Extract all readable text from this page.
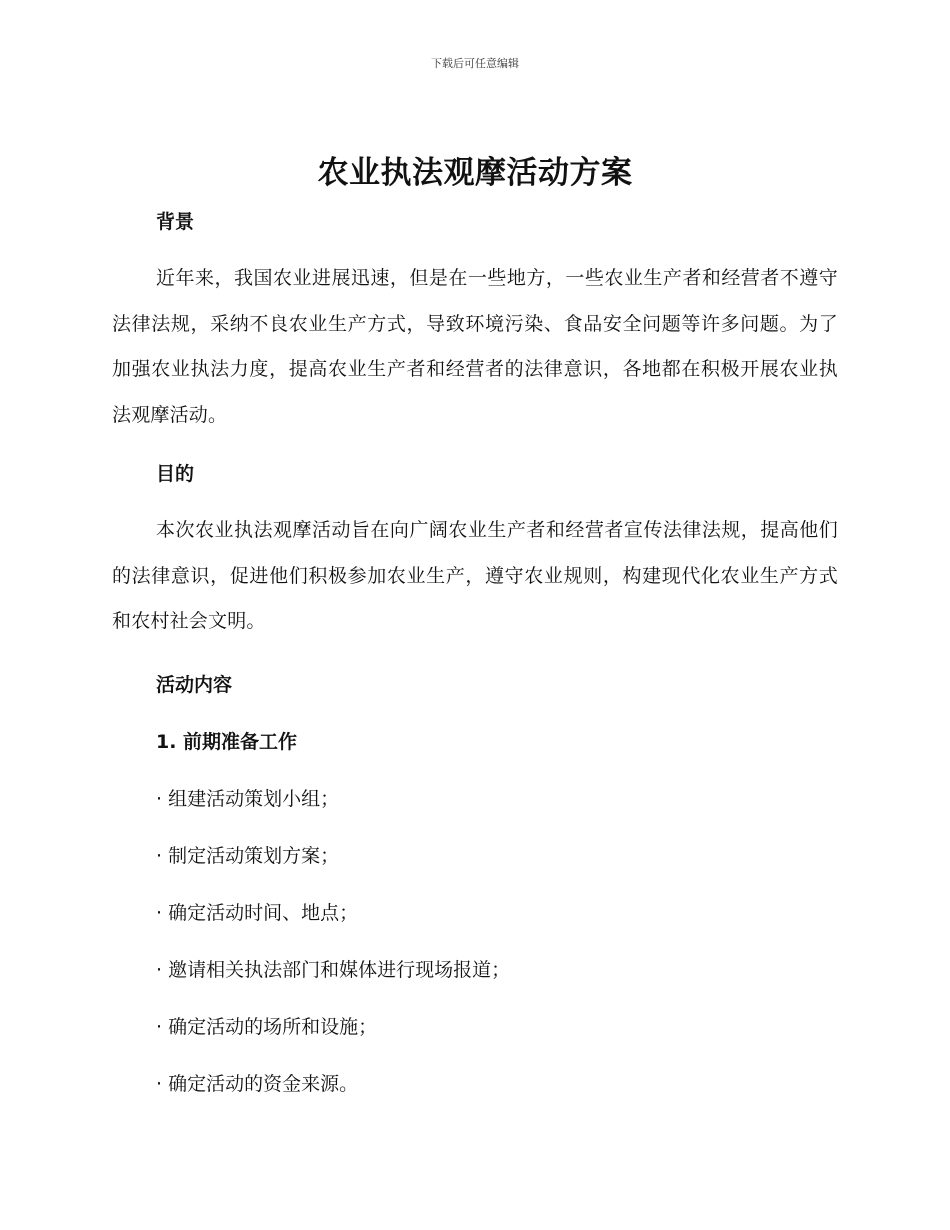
下载后可任意编辑
农业执法观摩活动方案

背景

近年来，我国农业进展迅速，但是在一些地方，一些农业生产者和经营者不遵守法律法规，采纳不良农业生产方式，导致环境污染、食品安全问题等许多问题。为了加强农业执法力度，提高农业生产者和经营者的法律意识，各地都在积极开展农业执法观摩活动。

目的

本次农业执法观摩活动旨在向广阔农业生产者和经营者宣传法律法规，提高他们的法律意识，促进他们积极参加农业生产，遵守农业规则，构建现代化农业生产方式和农村社会文明。

活动内容

1. 前期准备工作

· 组建活动策划小组；

· 制定活动策划方案；

· 确定活动时间、地点；

· 邀请相关执法部门和媒体进行现场报道；

· 确定活动的场所和设施；

· 确定活动的资金来源。
